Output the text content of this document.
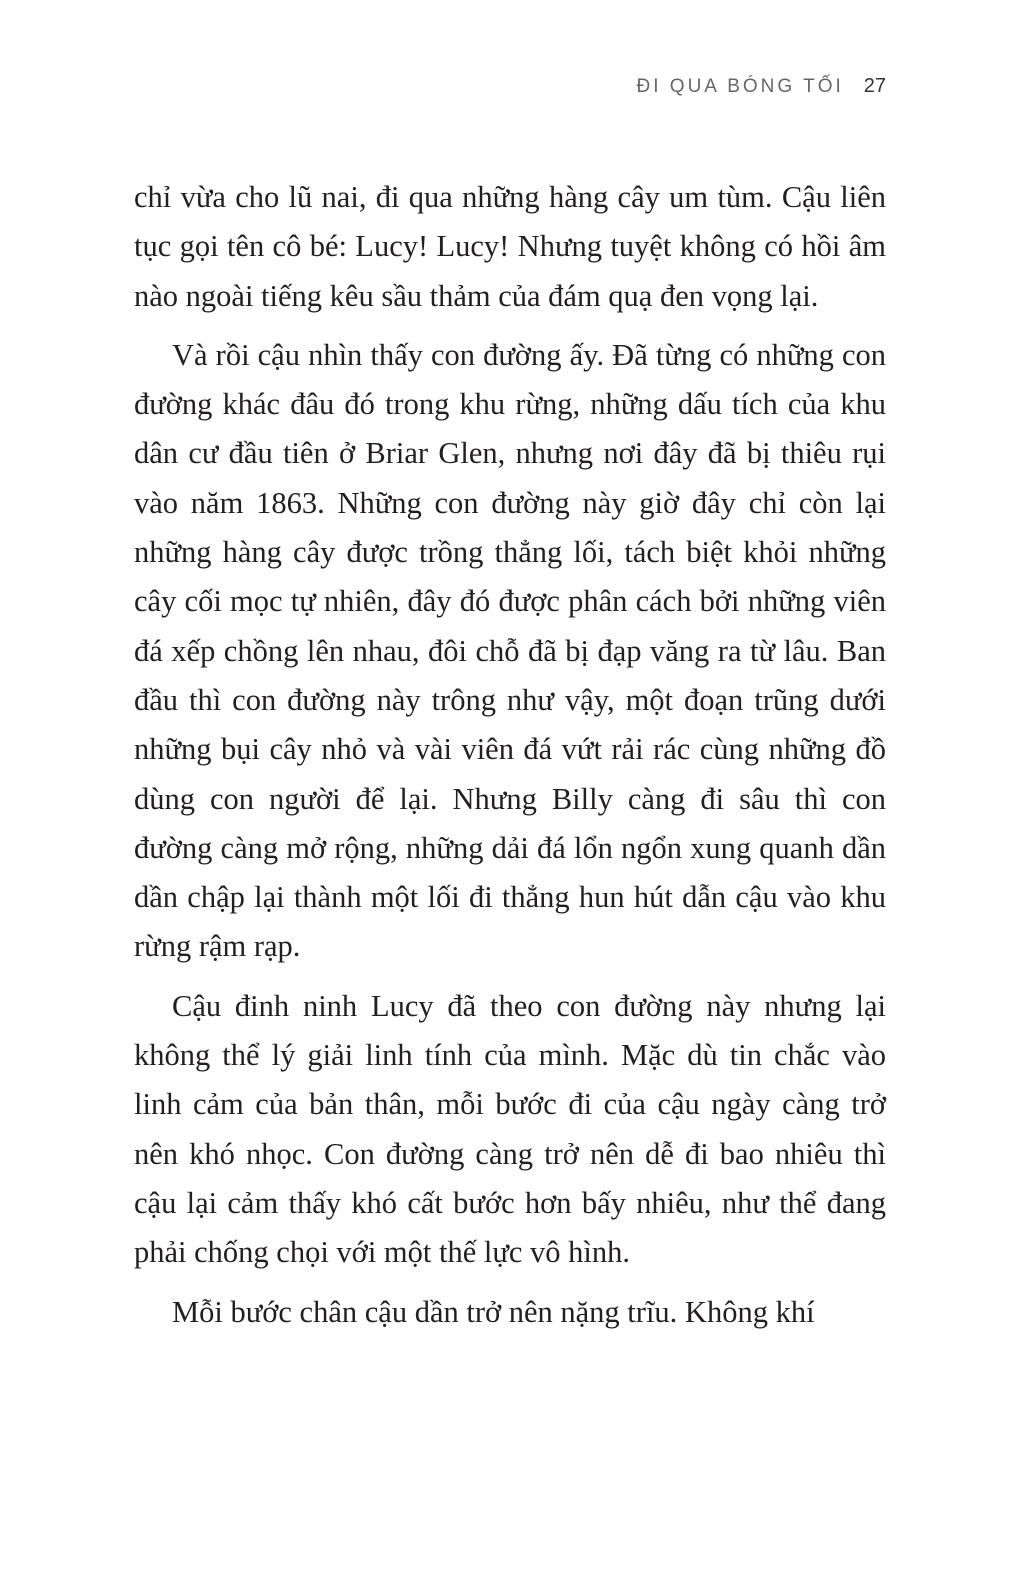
ĐI QUA BÓNG TỐI 27

chỉ vừa cho lũ nai, đi qua những hàng cây um tùm. Cậu liên tục gọi tên cô bé: Lucy! Lucy! Nhưng tuyệt không có hồi âm nào ngoài tiếng kêu sầu thảm của đám quạ đen vọng lại.

Và rồi cậu nhìn thấy con đường ấy. Đã từng có những con đường khác đâu đó trong khu rừng, những dấu tích của khu dân cư đầu tiên ở Briar Glen, nhưng nơi đây đã bị thiêu rụi vào năm 1863. Những con đường này giờ đây chỉ còn lại những hàng cây được trồng thẳng lối, tách biệt khỏi những cây cối mọc tự nhiên, đây đó được phân cách bởi những viên đá xếp chồng lên nhau, đôi chỗ đã bị đạp văng ra từ lâu. Ban đầu thì con đường này trông như vậy, một đoạn trũng dưới những bụi cây nhỏ và vài viên đá vứt rải rác cùng những đồ dùng con người để lại. Nhưng Billy càng đi sâu thì con đường càng mở rộng, những dải đá lổn ngổn xung quanh dần dần chập lại thành một lối đi thẳng hun hút dẫn cậu vào khu rừng rậm rạp.

Cậu đinh ninh Lucy đã theo con đường này nhưng lại không thể lý giải linh tính của mình. Mặc dù tin chắc vào linh cảm của bản thân, mỗi bước đi của cậu ngày càng trở nên khó nhọc. Con đường càng trở nên dễ đi bao nhiêu thì cậu lại cảm thấy khó cất bước hơn bấy nhiêu, như thể đang phải chống chọi với một thế lực vô hình.

Mỗi bước chân cậu dần trở nên nặng trĩu. Không khí
